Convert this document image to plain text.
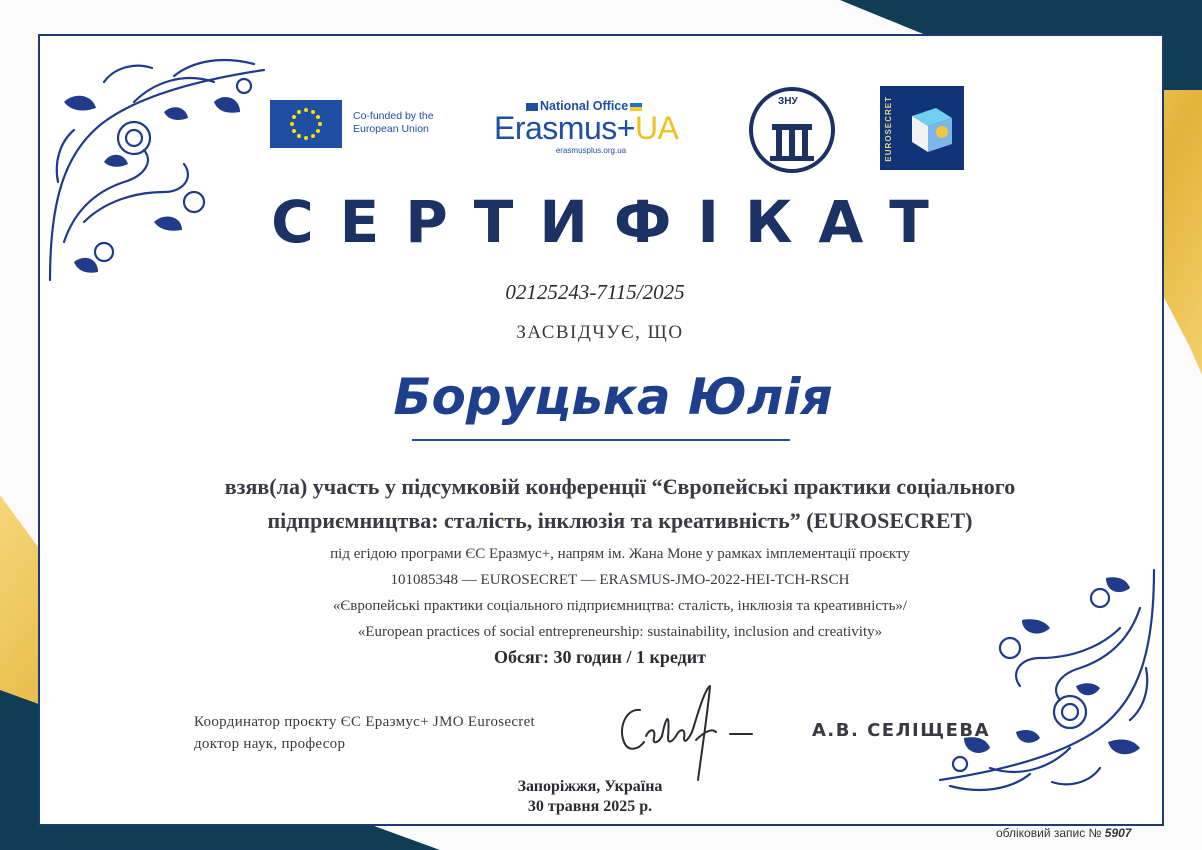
Co-funded by the
European Union
National Office
Erasmus+UA
erasmusplus.org.ua
ЗНУ	EUROSECRET
СЕРТИФІКАТ
02125243-7115/2025
ЗАСВІДЧУЄ, ЩО
Боруцька Юлія
взяв(ла) участь у підсумковій конференції “Європейські практики соціального
підприємництва: сталість, інклюзія та креативність” (EUROSECRET)
під егідою програми ЄС Еразмус+, напрям ім. Жана Моне у рамках імплементації проєкту
101085348 — EUROSECRET — ERASMUS-JMO-2022-HEI-TCH-RSCH
«Європейські практики соціального підприємництва: сталість, інклюзія та креативність»/
«European practices of social entrepreneurship: sustainability, inclusion and creativity»
Обсяг: 30 годин / 1 кредит
Координатор проєкту ЄС Еразмус+ JMO Eurosecret
доктор наук, професор
А.В. СЕЛІЩЕВА
Запоріжжя, Україна
30 травня 2025 р.
обліковий запис № 5907
